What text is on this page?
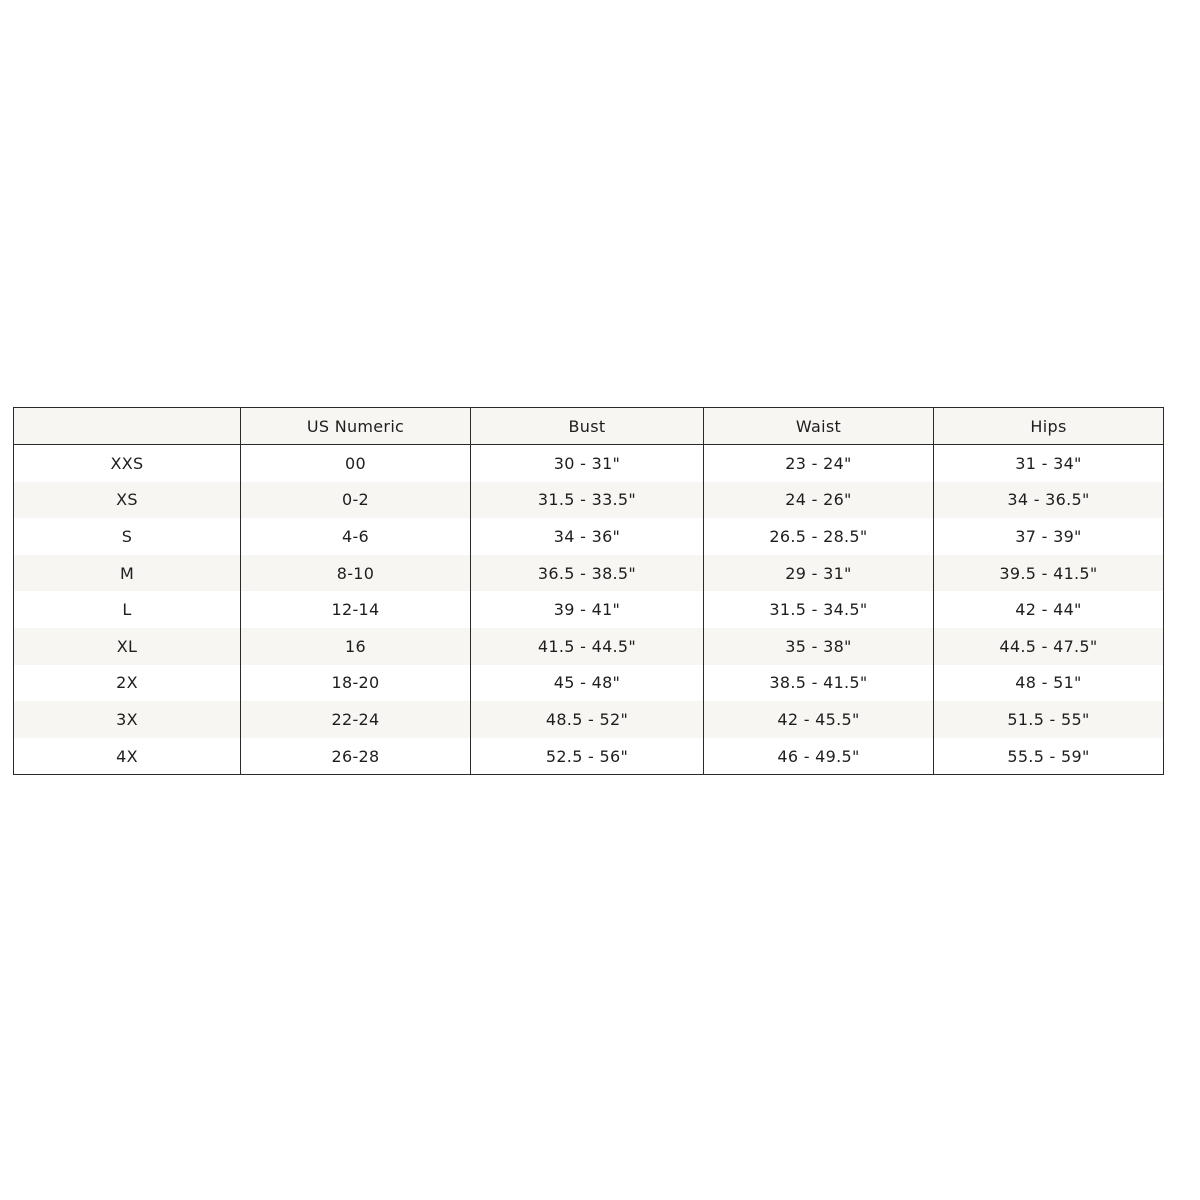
	US Numeric	Bust	Waist	Hips
XXS	00	30 - 31"	23 - 24"	31 - 34"
XS	0-2	31.5 - 33.5"	24 - 26"	34 - 36.5"
S	4-6	34 - 36"	26.5 - 28.5"	37 - 39"
M	8-10	36.5 - 38.5"	29 - 31"	39.5 - 41.5"
L	12-14	39 - 41"	31.5 - 34.5"	42 - 44"
XL	16	41.5 - 44.5"	35 - 38"	44.5 - 47.5"
2X	18-20	45 - 48"	38.5 - 41.5"	48 - 51"
3X	22-24	48.5 - 52"	42 - 45.5"	51.5 - 55"
4X	26-28	52.5 - 56"	46 - 49.5"	55.5 - 59"
